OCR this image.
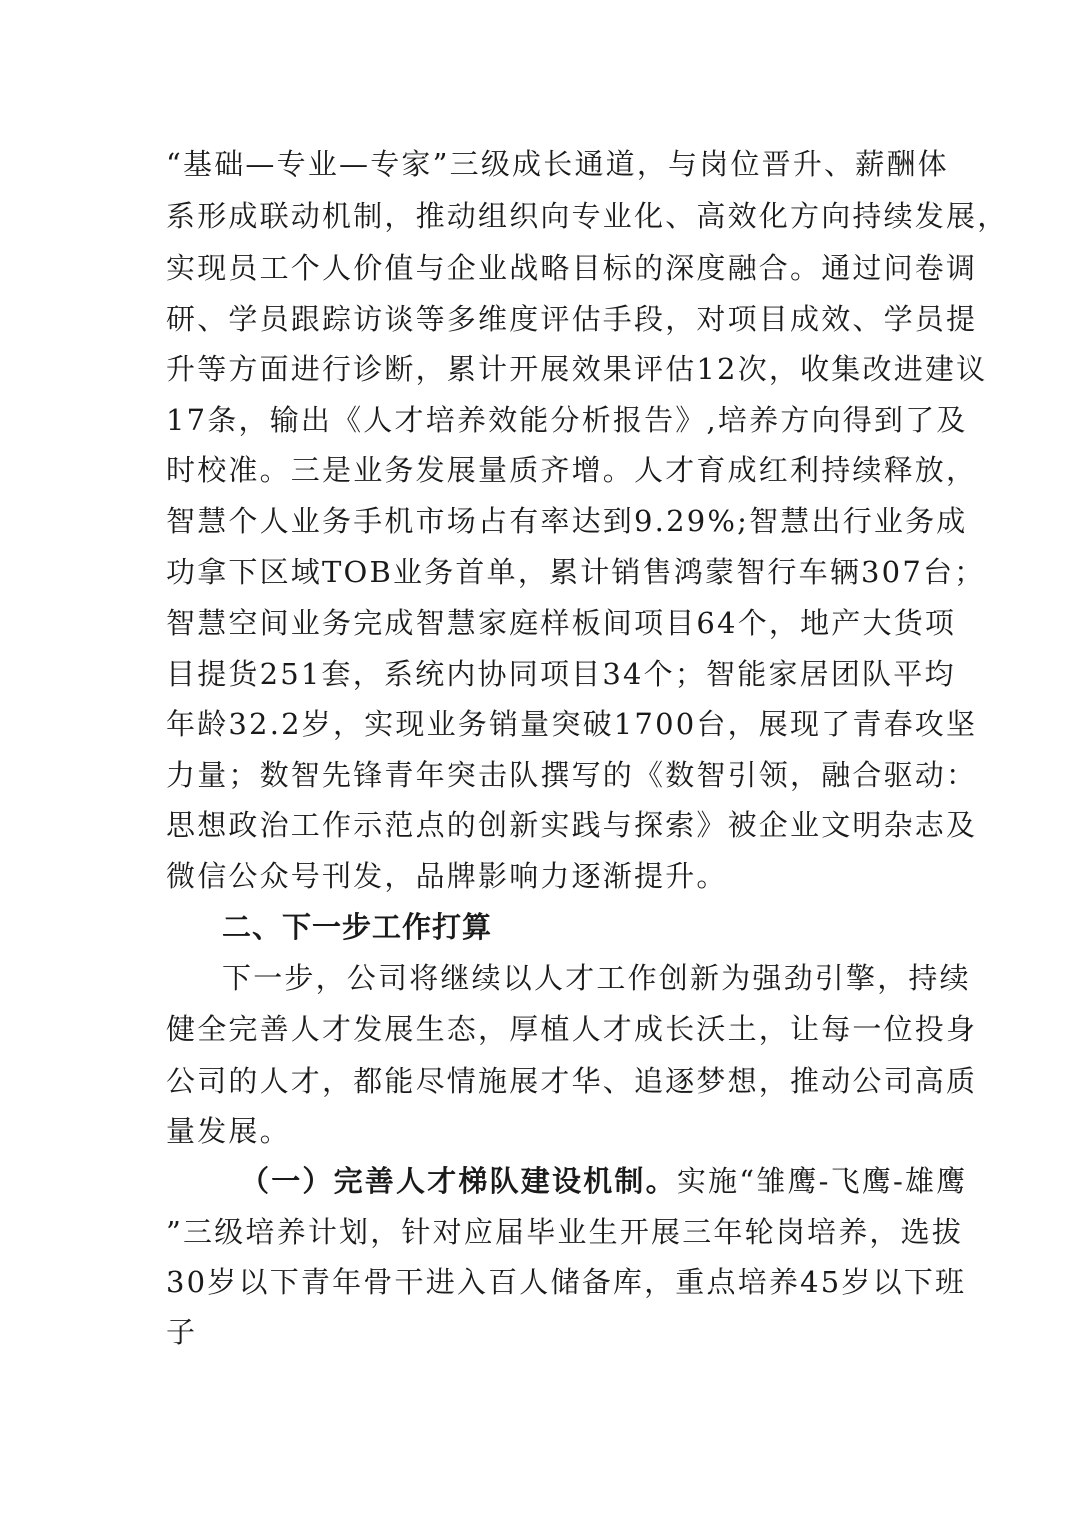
“基础—专业—专家”三级成长通道，与岗位晋升、薪酬体
系形成联动机制，推动组织向专业化、高效化方向持续发展，
实现员工个人价值与企业战略目标的深度融合。通过问卷调
研、学员跟踪访谈等多维度评估手段，对项目成效、学员提
升等方面进行诊断，累计开展效果评估12次，收集改进建议
17条，输出《人才培养效能分析报告》,培养方向得到了及
时校准。三是业务发展量质齐增。人才育成红利持续释放，
智慧个人业务手机市场占有率达到9.29%;智慧出行业务成
功拿下区域TOB业务首单，累计销售鸿蒙智行车辆307台；
智慧空间业务完成智慧家庭样板间项目64个，地产大货项
目提货251套，系统内协同项目34个；智能家居团队平均
年龄32.2岁，实现业务销量突破1700台，展现了青春攻坚
力量；数智先锋青年突击队撰写的《数智引领，融合驱动：
思想政治工作示范点的创新实践与探索》被企业文明杂志及
微信公众号刊发，品牌影响力逐渐提升。
二、下一步工作打算
下一步，公司将继续以人才工作创新为强劲引擎，持续
健全完善人才发展生态，厚植人才成长沃土，让每一位投身
公司的人才，都能尽情施展才华、追逐梦想，推动公司高质
量发展。
（一）完善人才梯队建设机制。实施“雏鹰-飞鹰-雄鹰
”三级培养计划，针对应届毕业生开展三年轮岗培养，选拔
30岁以下青年骨干进入百人储备库，重点培养45岁以下班
子
